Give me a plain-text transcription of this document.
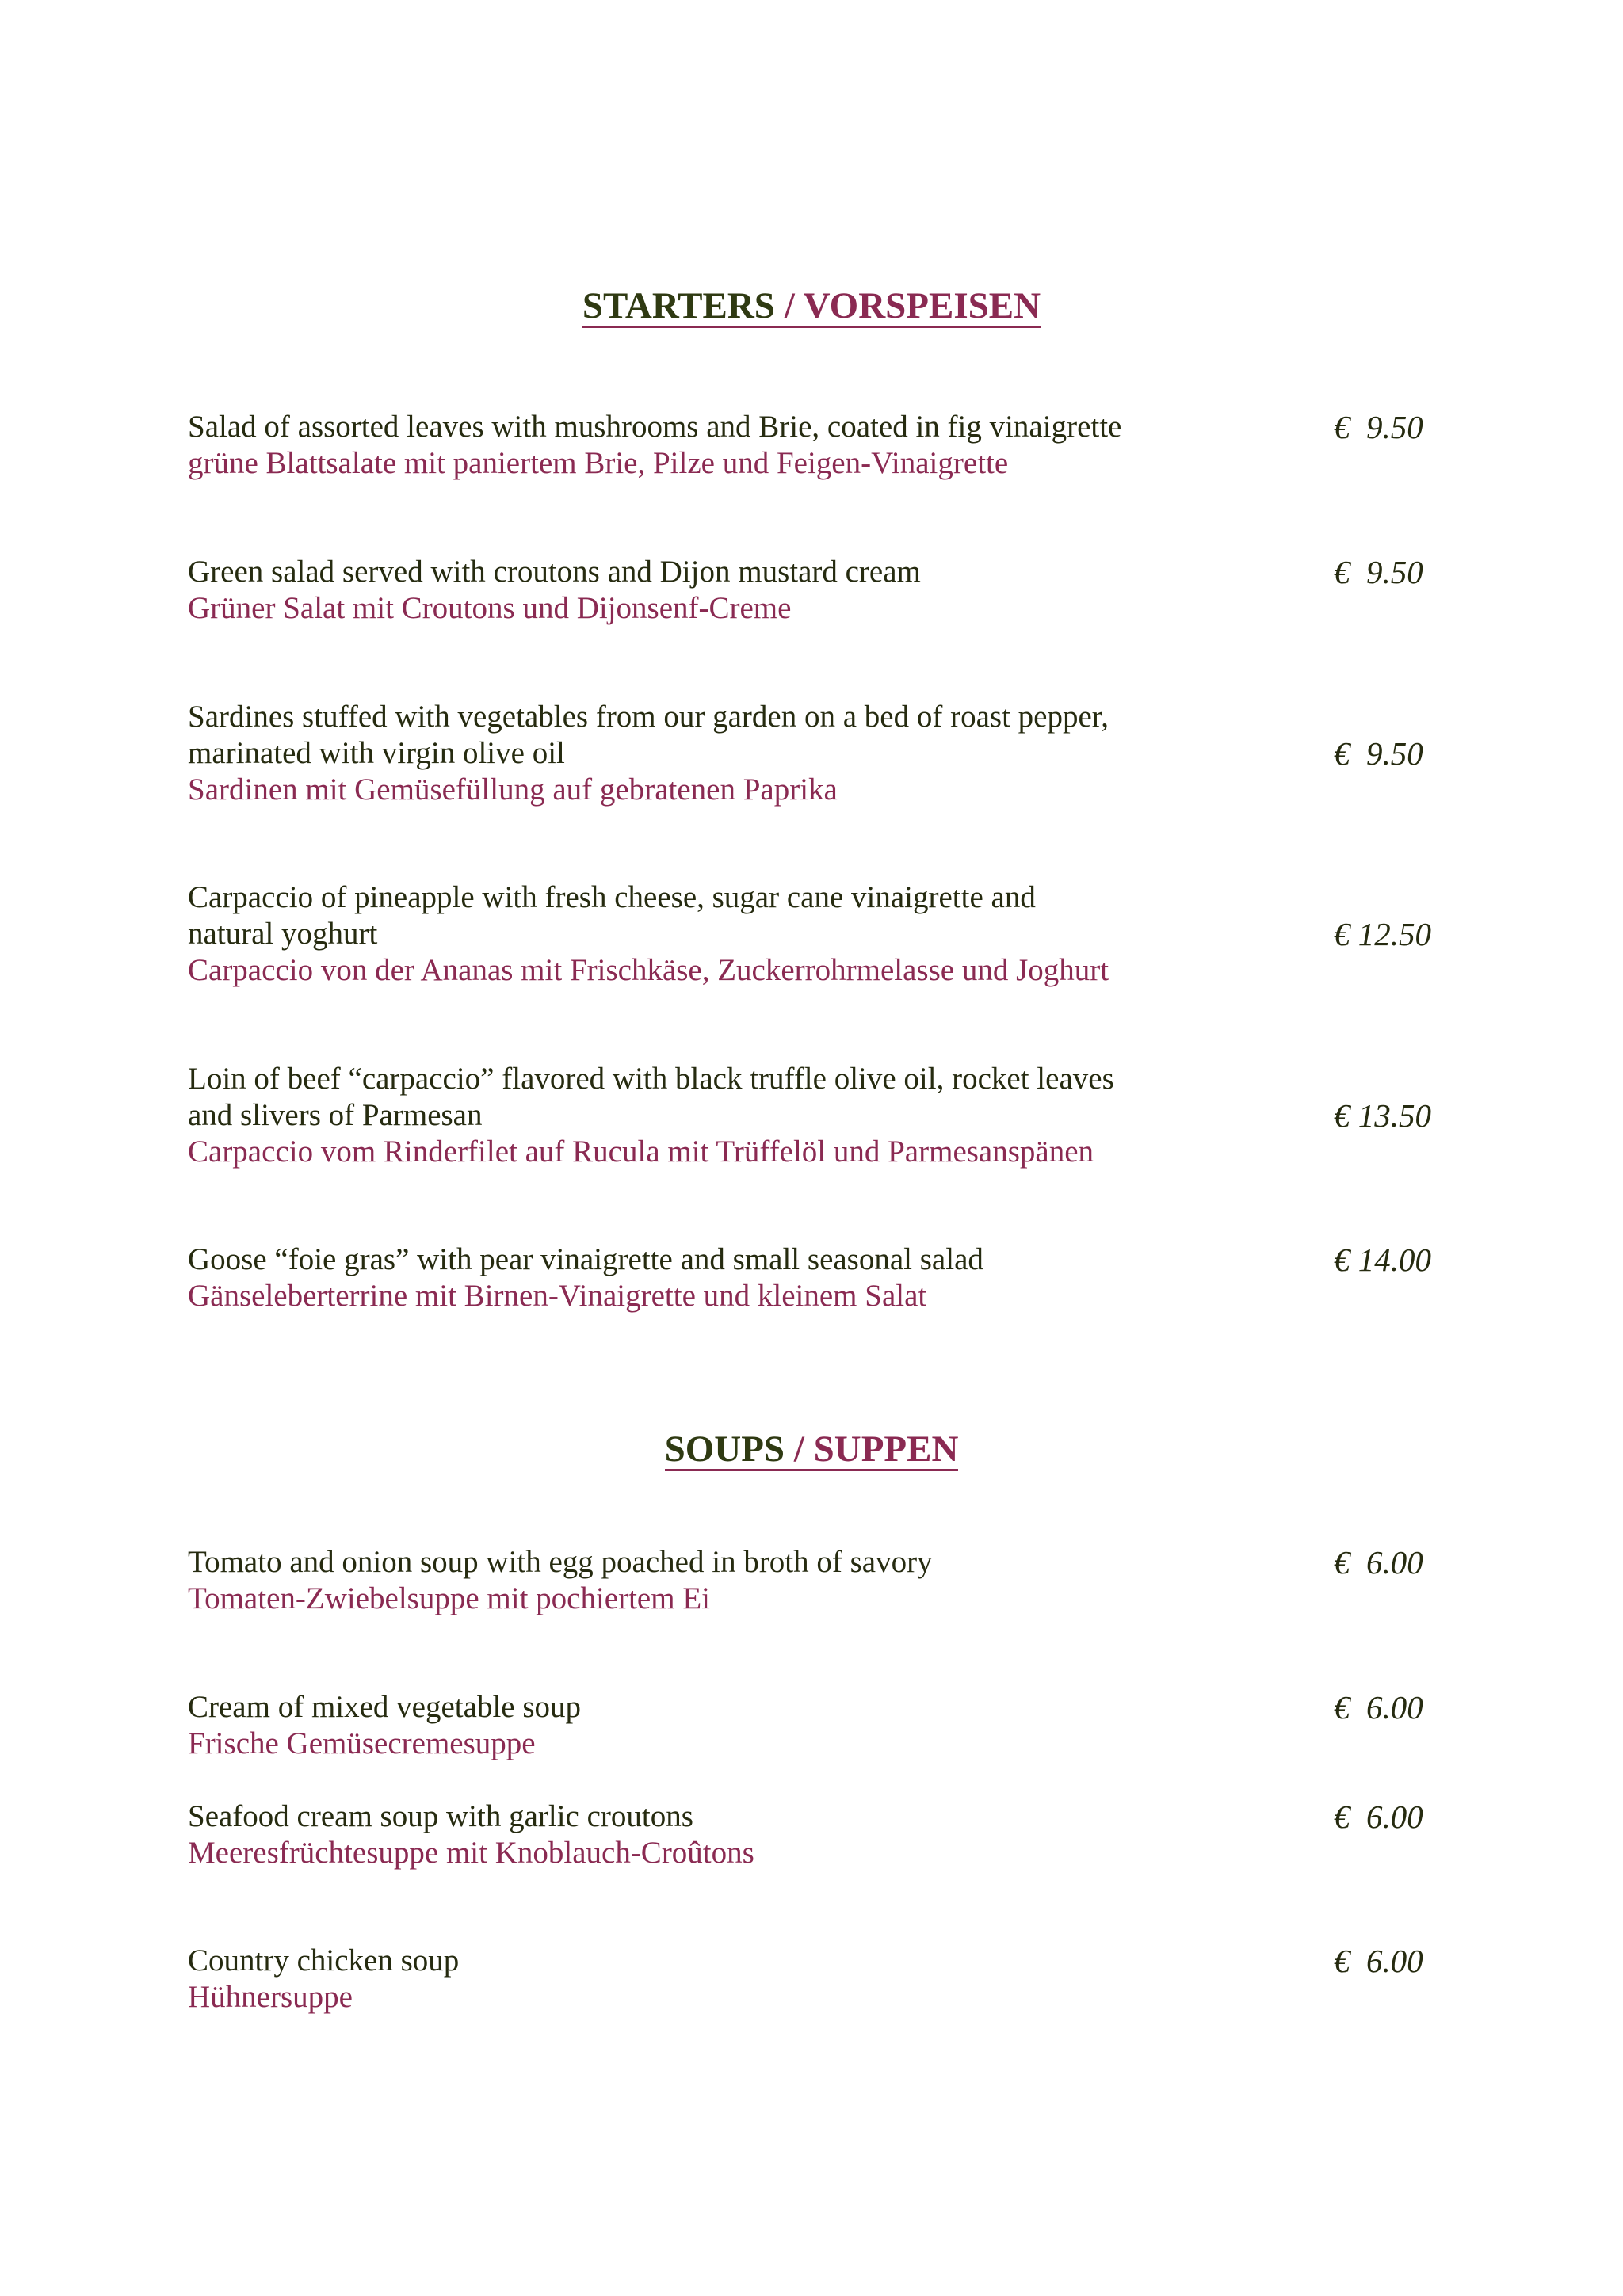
STARTERS / VORSPEISEN
Salad of assorted leaves with mushrooms and Brie, coated in fig vinaigrette
grüne Blattsalate mit paniertem Brie, Pilze und Feigen-Vinaigrette
€  9.50
Green salad served with croutons and Dijon mustard cream
Grüner Salat mit Croutons und Dijonsenf-Creme
€  9.50
Sardines stuffed with vegetables from our garden on a bed of roast pepper,
marinated with virgin olive oil
Sardinen mit Gemüsefüllung auf gebratenen Paprika
€  9.50
Carpaccio of pineapple with fresh cheese, sugar cane vinaigrette and
natural yoghurt
Carpaccio von der Ananas mit Frischkäse, Zuckerrohrmelasse und Joghurt
€ 12.50
Loin of beef “carpaccio” flavored with black truffle olive oil, rocket leaves
and slivers of Parmesan
Carpaccio vom Rinderfilet auf Rucula mit Trüffelöl und Parmesanspänen
€ 13.50
Goose “foie gras” with pear vinaigrette and small seasonal salad
Gänseleberterrine mit Birnen-Vinaigrette und kleinem Salat
€ 14.00
SOUPS / SUPPEN
Tomato and onion soup with egg poached in broth of savory
Tomaten-Zwiebelsuppe mit pochiertem Ei
€  6.00
Cream of mixed vegetable soup
Frische Gemüsecremesuppe
€  6.00
Seafood cream soup with garlic croutons
Meeresfrüchtesuppe mit Knoblauch-Croûtons
€  6.00
Country chicken soup
Hühnersuppe
€  6.00
